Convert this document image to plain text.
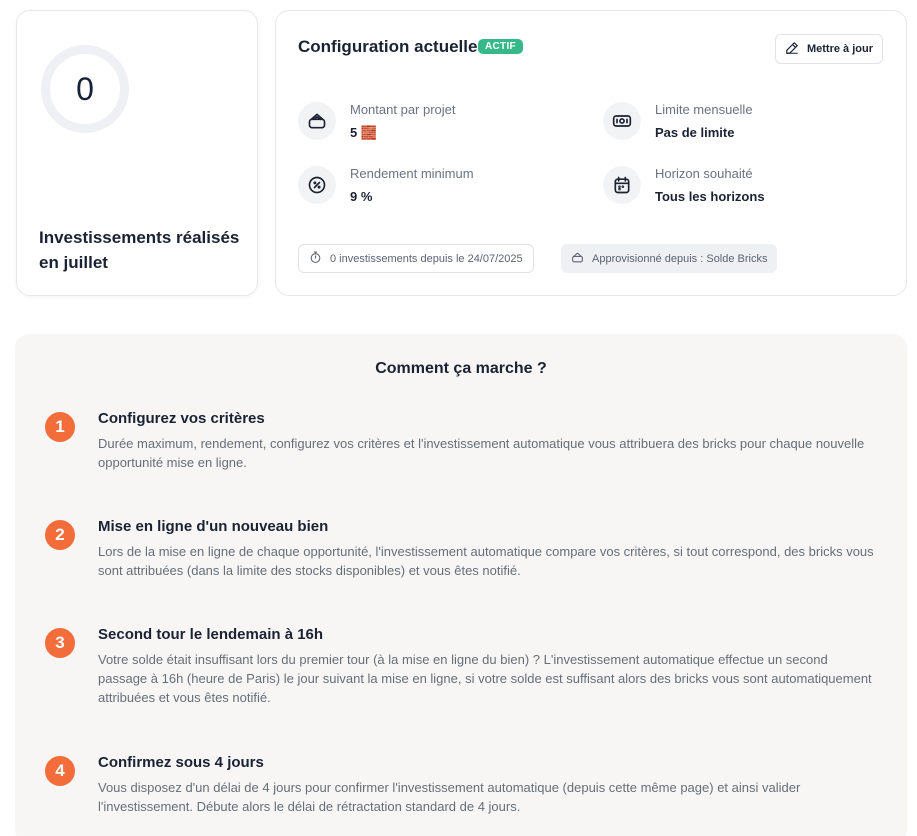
0
Investissements réalisés en juillet
Configuration actuelle ACTIF	Mettre à jour
Montant par projet
5 🧱
Limite mensuelle
Pas de limite
Rendement minimum
9 %
Horizon souhaité
Tous les horizons
0 investissements depuis le 24/07/2025	Approvisionné depuis : Solde Bricks
Comment ça marche ?
1	Configurez vos critères
Durée maximum, rendement, configurez vos critères et l'investissement automatique vous attribuera des bricks pour chaque nouvelle opportunité mise en ligne.
2	Mise en ligne d'un nouveau bien
Lors de la mise en ligne de chaque opportunité, l'investissement automatique compare vos critères, si tout correspond, des bricks vous sont attribuées (dans la limite des stocks disponibles) et vous êtes notifié.
3	Second tour le lendemain à 16h
Votre solde était insuffisant lors du premier tour (à la mise en ligne du bien) ? L'investissement automatique effectue un second passage à 16h (heure de Paris) le jour suivant la mise en ligne, si votre solde est suffisant alors des bricks vous sont automatiquement attribuées et vous êtes notifié.
4	Confirmez sous 4 jours
Vous disposez d'un délai de 4 jours pour confirmer l'investissement automatique (depuis cette même page) et ainsi valider l'investissement. Débute alors le délai de rétractation standard de 4 jours.
